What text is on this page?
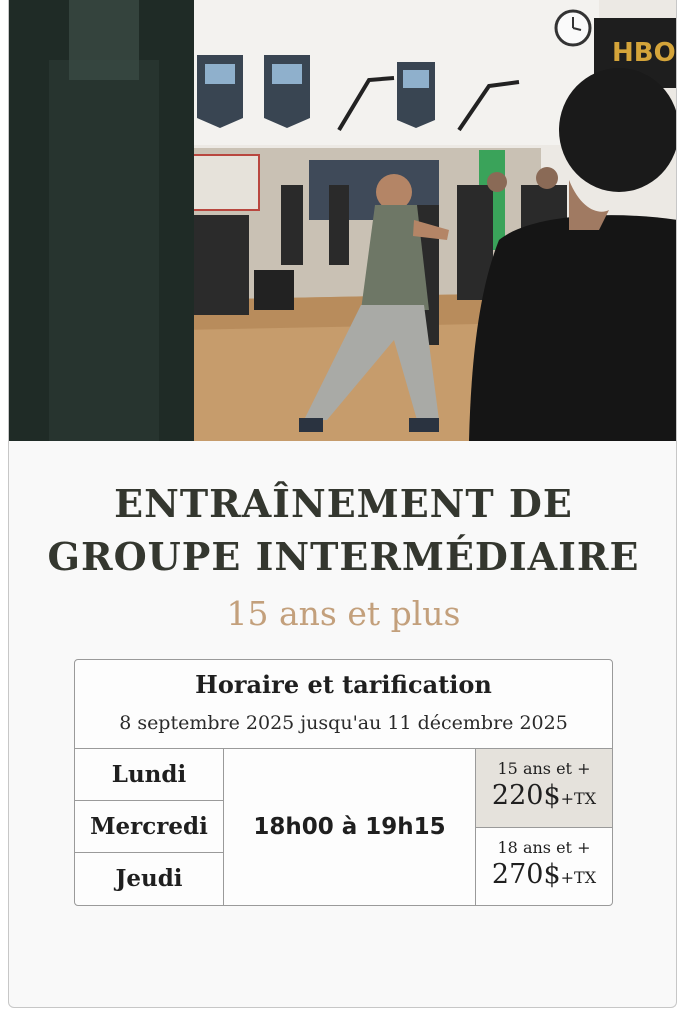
HBO
ENTRAÎNEMENT DE
GROUPE INTERMÉDIAIRE
15 ans et plus
Horaire et tarification
8 septembre 2025 jusqu'au 11 décembre 2025
Lundi
Mercredi
Jeudi
18h00 à 19h15
15 ans et +
220$+TX
18 ans et +
270$+TX
